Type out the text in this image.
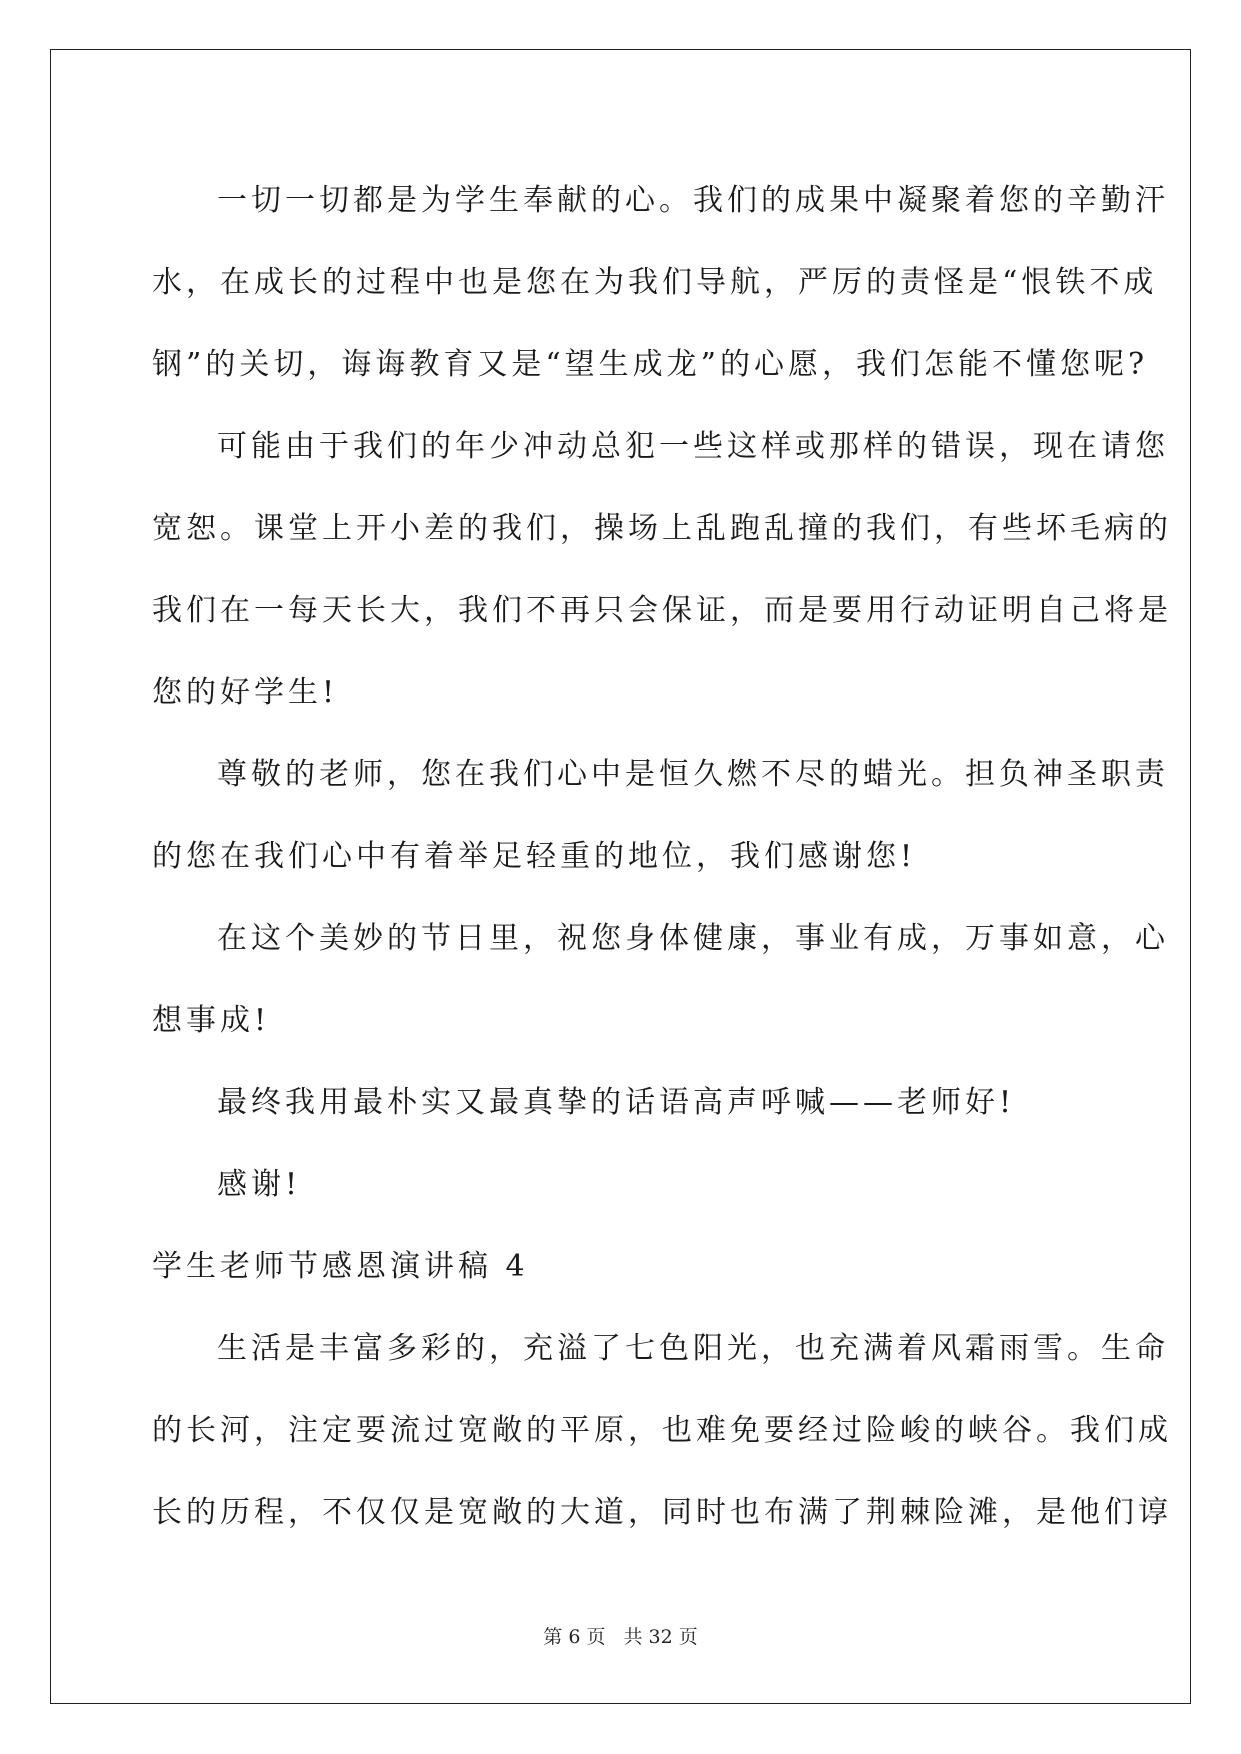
一切一切都是为学生奉献的心。我们的成果中凝聚着您的辛勤汗
水，在成长的过程中也是您在为我们导航，严厉的责怪是“恨铁不成
钢”的关切，诲诲教育又是“望生成龙”的心愿，我们怎能不懂您呢?
可能由于我们的年少冲动总犯一些这样或那样的错误，现在请您
宽恕。课堂上开小差的我们，操场上乱跑乱撞的我们，有些坏毛病的
我们在一每天长大，我们不再只会保证，而是要用行动证明自己将是
您的好学生!
尊敬的老师，您在我们心中是恒久燃不尽的蜡光。担负神圣职责
的您在我们心中有着举足轻重的地位，我们感谢您!
在这个美妙的节日里，祝您身体健康，事业有成，万事如意，心
想事成!
最终我用最朴实又最真挚的话语高声呼喊——老师好!
感谢!
学生老师节感恩演讲稿 4
生活是丰富多彩的，充溢了七色阳光，也充满着风霜雨雪。生命
的长河，注定要流过宽敞的平原，也难免要经过险峻的峡谷。我们成
长的历程，不仅仅是宽敞的大道，同时也布满了荆棘险滩，是他们谆
第 6 页 共 32 页
